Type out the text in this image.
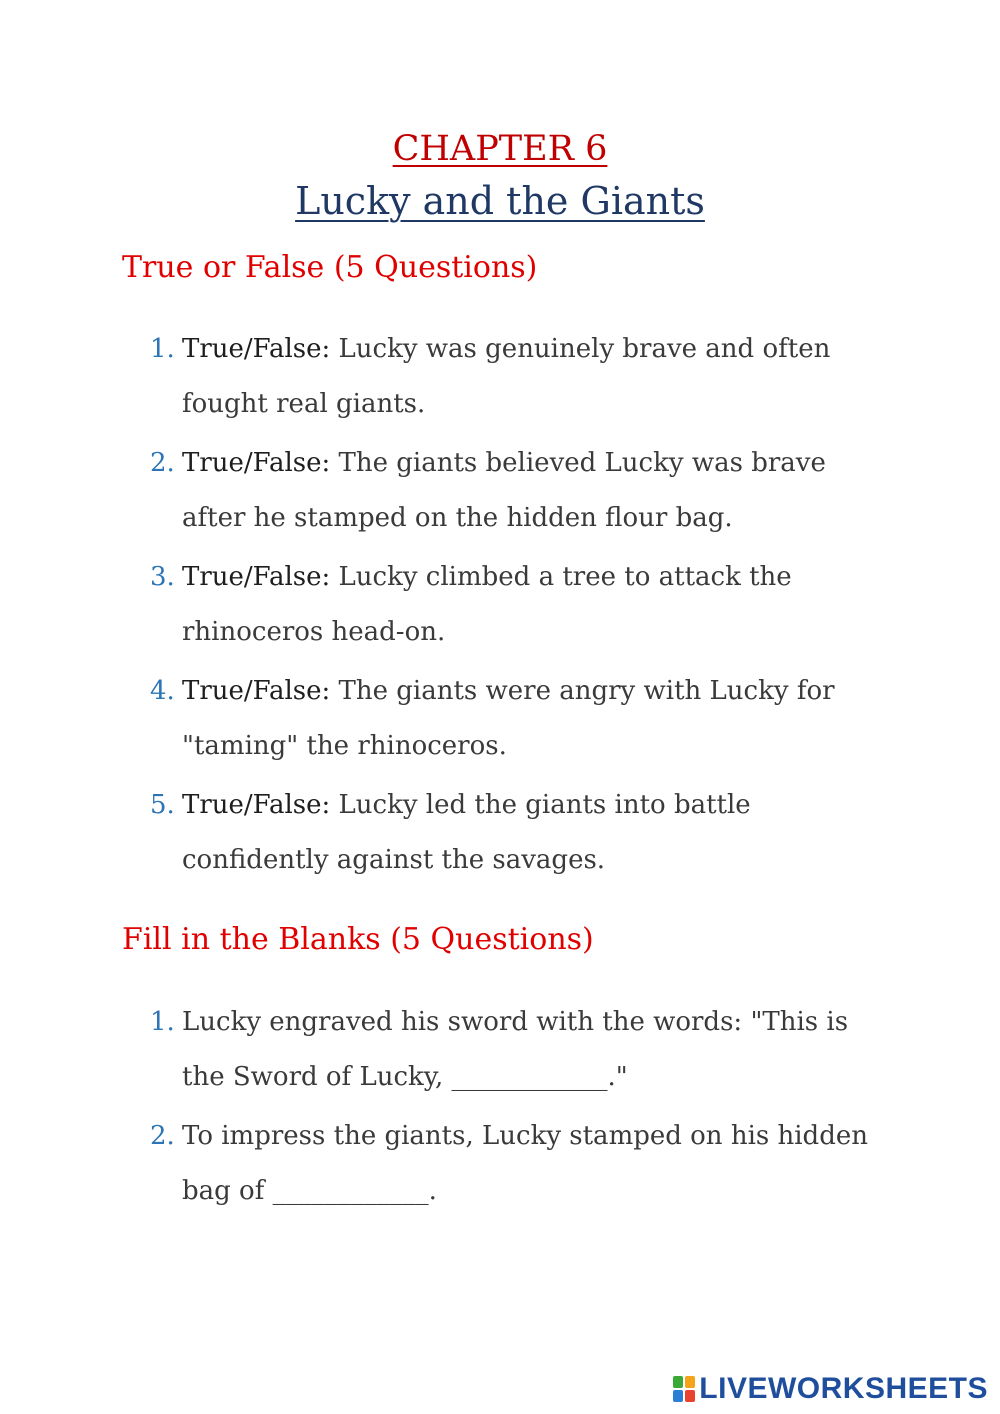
CHAPTER 6
Lucky and the Giants
True or False (5 Questions)
1. True/False: Lucky was genuinely brave and often fought real giants.
2. True/False: The giants believed Lucky was brave after he stamped on the hidden flour bag.
3. True/False: Lucky climbed a tree to attack the rhinoceros head-on.
4. True/False: The giants were angry with Lucky for "taming" the rhinoceros.
5. True/False: Lucky led the giants into battle confidently against the savages.
Fill in the Blanks (5 Questions)
1. Lucky engraved his sword with the words: "This is the Sword of Lucky, ____________."
2. To impress the giants, Lucky stamped on his hidden bag of ____________.
LIVEWORKSHEETS
